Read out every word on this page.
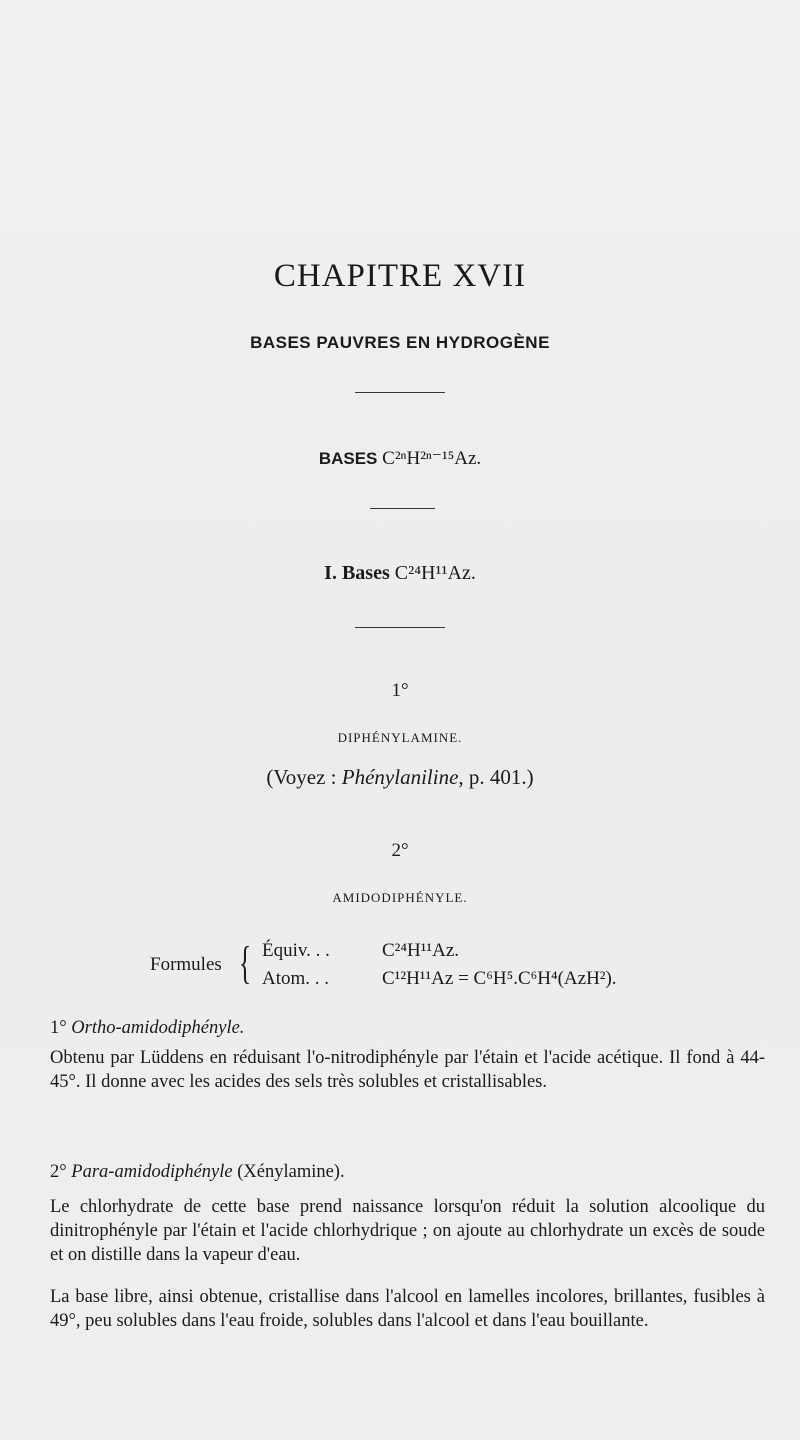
CHAPITRE XVII
BASES PAUVRES EN HYDROGÈNE
BASES C²ⁿH²ⁿ⁻¹⁵Az.
I. Bases C²⁴H¹¹Az.
1°
DIPHÉNYLAMINE.
(Voyez : Phénylaniline, p. 401.)
2°
AMIDODIPHÉNYLE.
Formules { Équiv. . .	C²⁴H¹¹Az.
Atom. . .	C¹²H¹¹Az = C⁶H⁵.C⁶H⁴(AzH²).
1° Ortho-amidodiphényle.
Obtenu par Lüddens en réduisant l'o-nitrodiphényle par l'étain et l'acide acétique. Il fond à 44-45°. Il donne avec les acides des sels très solubles et cristallisables.
2° Para-amidodiphényle (Xénylamine).
Le chlorhydrate de cette base prend naissance lorsqu'on réduit la solution alcoolique du dinitrophényle par l'étain et l'acide chlorhydrique ; on ajoute au chlorhydrate un excès de soude et on distille dans la vapeur d'eau.
La base libre, ainsi obtenue, cristallise dans l'alcool en lamelles incolores, brillantes, fusibles à 49°, peu solubles dans l'eau froide, solubles dans l'alcool et dans l'eau bouillante.
